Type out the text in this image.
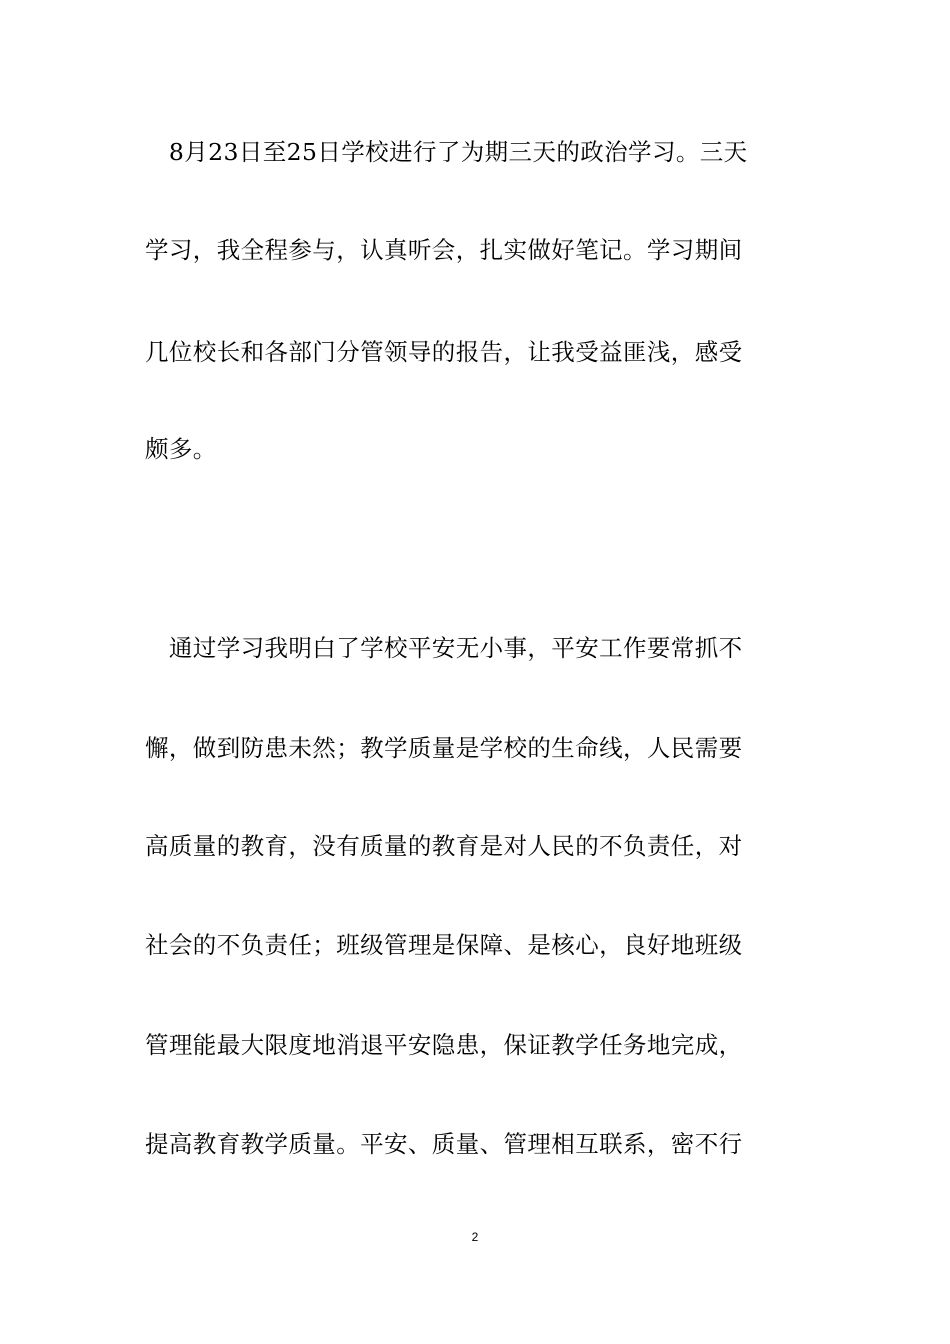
　8月23日至25日学校进行了为期三天的政治学习。三天
学习，我全程参与，认真听会，扎实做好笔记。学习期间
几位校长和各部门分管领导的报告，让我受益匪浅，感受
颇多。
　通过学习我明白了学校平安无小事，平安工作要常抓不
懈，做到防患未然；教学质量是学校的生命线，人民需要
高质量的教育，没有质量的教育是对人民的不负责任，对
社会的不负责任；班级管理是保障、是核心，良好地班级
管理能最大限度地消退平安隐患，保证教学任务地完成，
提高教育教学质量。平安、质量、管理相互联系，密不行
2
